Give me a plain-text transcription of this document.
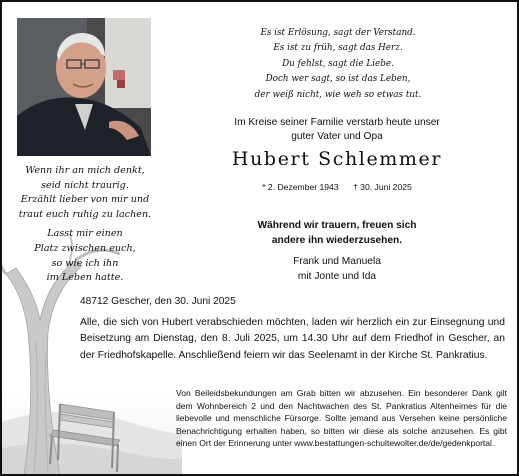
Wenn ihr an mich denkt,
seid nicht traurig.
Erzählt lieber von mir und
traut euch ruhig zu lachen.
Lasst mir einen
Platz zwischen euch,
so wie ich ihn
im Leben hatte.
Es ist Erlösung, sagt der Verstand.
Es ist zu früh, sagt das Herz.
Du fehlst, sagt die Liebe.
Doch wer sagt, so ist das Leben,
der weiß nicht, wie weh so etwas tut.
Im Kreise seiner Familie verstarb heute unser
guter Vater und Opa
Hubert Schlemmer
* 2. Dezember 1943 † 30. Juni 2025
Während wir trauern, freuen sich
andere ihn wiederzusehen.
Frank und Manuela
mit Jonte und Ida
48712 Gescher, den 30. Juni 2025
Alle, die sich von Hubert verabschieden möchten, laden wir herzlich ein zur Einsegnung und Beisetzung am Dienstag, den 8. Juli 2025, um 14.30 Uhr auf dem Friedhof in Gescher, an der Friedhofskapelle. Anschließend feiern wir das Seelenamt in der Kirche St. Pankratius.
Von Beileidsbekundungen am Grab bitten wir abzusehen. Ein besonderer Dank gilt dem Wohnbereich 2 und den Nachtwachen des St. Pankratius Altenheimes für die liebevolle und menschliche Fürsorge. Sollte jemand aus Versehen keine persönliche Benachrichtigung erhalten haben, so bitten wir diese als solche anzusehen. Es gibt einen Ort der Erinnerung unter www.bestattungen-schultewolter.de/de/gedenkportal.
